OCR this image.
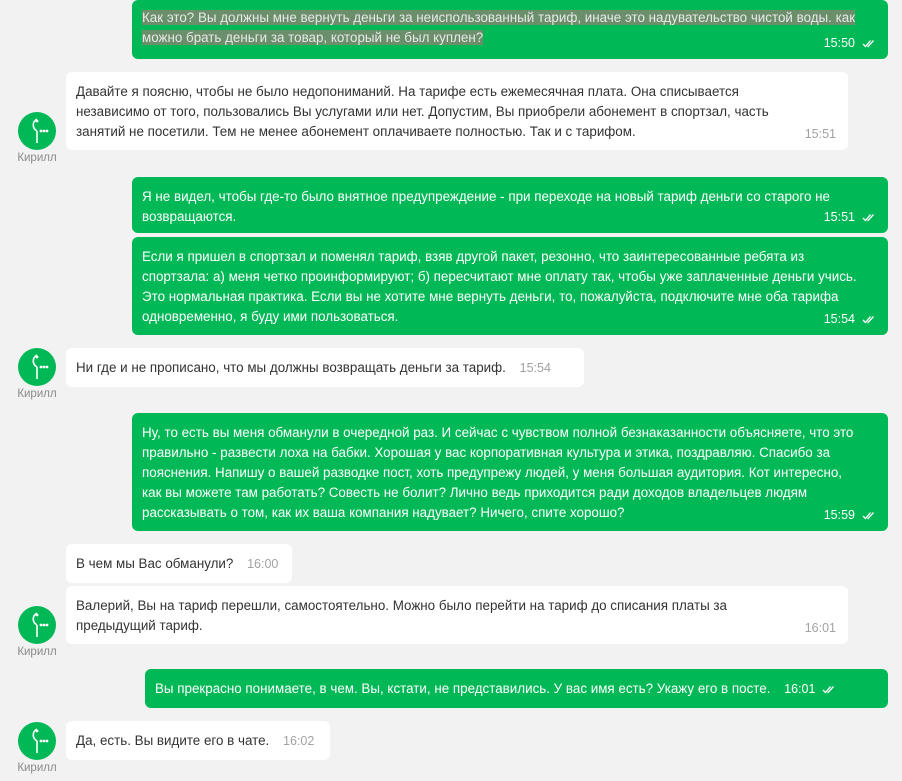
Как это? Вы должны мне вернуть деньги за неиспользованный тариф, иначе это надувательство чистой воды. как можно брать деньги за товар, который не был куплен?	15:50
Кирилл
Давайте я поясню, чтобы не было недопониманий. На тарифе есть ежемесячная плата. Она списывается независимо от того, пользовались Вы услугами или нет. Допустим, Вы приобрели абонемент в спортзал, часть занятий не посетили. Тем не менее абонемент оплачиваете полностью. Так и с тарифом.	15:51
Я не видел, чтобы где-то было внятное предупреждение - при переходе на новый тариф деньги со старого не возвращаются.	15:51
Если я пришел в спортзал и поменял тариф, взяв другой пакет, резонно, что заинтересованные ребята из спортзала: а) меня четко проинформируют; б) пересчитают мне оплату так, чтобы уже заплаченные деньги учись. Это нормальная практика. Если вы не хотите мне вернуть деньги, то, пожалуйста, подключите мне оба тарифа одновременно, я буду ими пользоваться.	15:54
Кирилл
Ни где и не прописано, что мы должны возвращать деньги за тариф. 15:54
Ну, то есть вы меня обманули в очередной раз. И сейчас с чувством полной безнаказанности объясняете, что это правильно - развести лоха на бабки. Хорошая у вас корпоративная культура и этика, поздравляю. Спасибо за пояснения. Напишу о вашей разводке пост, хоть предупрежу людей, у меня большая аудитория. Кот интересно, как вы можете там работать? Совесть не болит? Лично ведь приходится ради доходов владельцев людям рассказывать о том, как их ваша компания надувает? Ничего, спите хорошо?	15:59
В чем мы Вас обманули? 16:00
Кирилл
Валерий, Вы на тариф перешли, самостоятельно. Можно было перейти на тариф до списания платы за предыдущий тариф.	16:01
Вы прекрасно понимаете, в чем. Вы, кстати, не представились. У вас имя есть? Укажу его в посте. 16:01
Кирилл
Да, есть. Вы видите его в чате. 16:02
